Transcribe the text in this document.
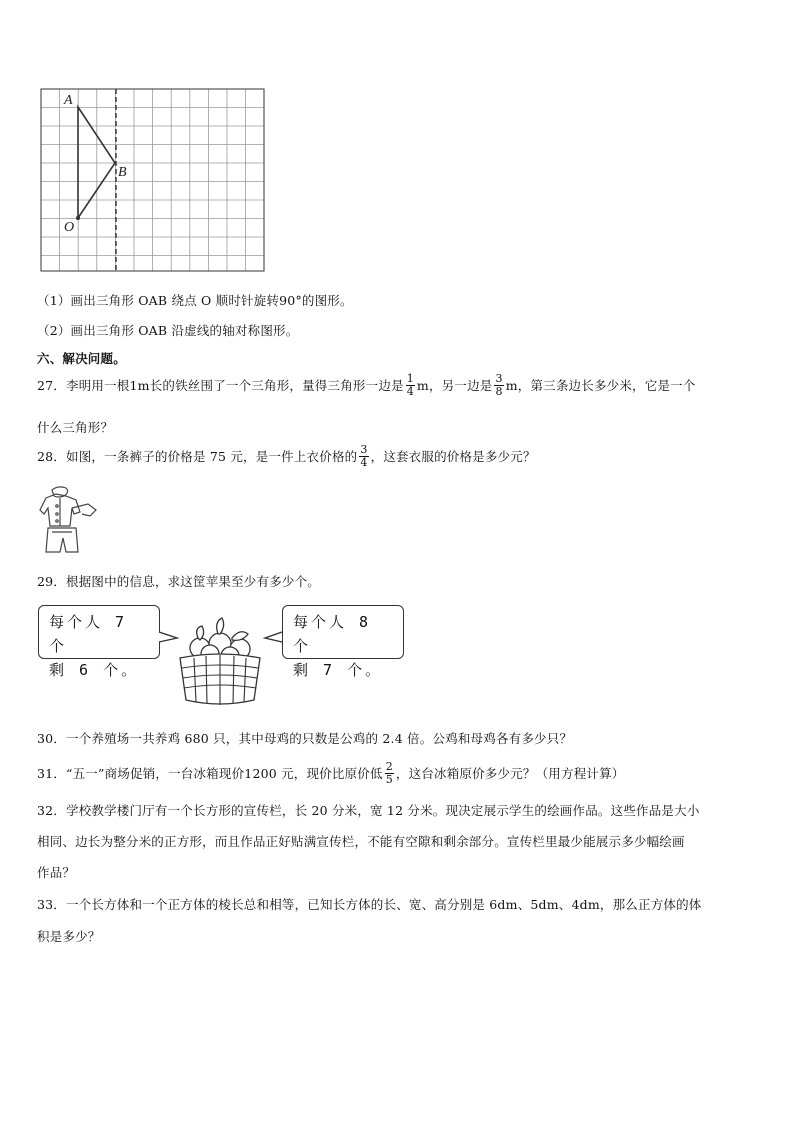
A
B
O
（1）画出三角形 OAB 绕点 O 顺时针旋转90°的图形。
（2）画出三角形 OAB 沿虚线的轴对称图形。
六、解决问题。
27．李明用一根1m长的铁丝围了一个三角形，量得三角形一边是 $\frac{1}{4}$ m，另一边是 $\frac{3}{8}$ m，第三条边长多少米，它是一个
什么三角形？
28．如图，一条裤子的价格是 75 元，是一件上衣价格的 $\frac{3}{4}$ ，这套衣服的价格是多少元？
29．根据图中的信息，求这筐苹果至少有多少个。
每个人 7 个
剩 6 个。
每个人 8 个
剩 7 个。
30．一个养殖场一共养鸡 680 只，其中母鸡的只数是公鸡的 2.4 倍。公鸡和母鸡各有多少只？
31．“五一”商场促销，一台冰箱现价1200 元，现价比原价低 $\frac{2}{5}$ ，这台冰箱原价多少元？（用方程计算）
32．学校教学楼门厅有一个长方形的宣传栏，长 20 分米，宽 12 分米。现决定展示学生的绘画作品。这些作品是大小
相同、边长为整分米的正方形，而且作品正好贴满宣传栏，不能有空隙和剩余部分。宣传栏里最少能展示多少幅绘画
作品？
33．一个长方体和一个正方体的棱长总和相等，已知长方体的长、宽、高分别是 6dm、5dm、4dm，那么正方体的体
积是多少？
